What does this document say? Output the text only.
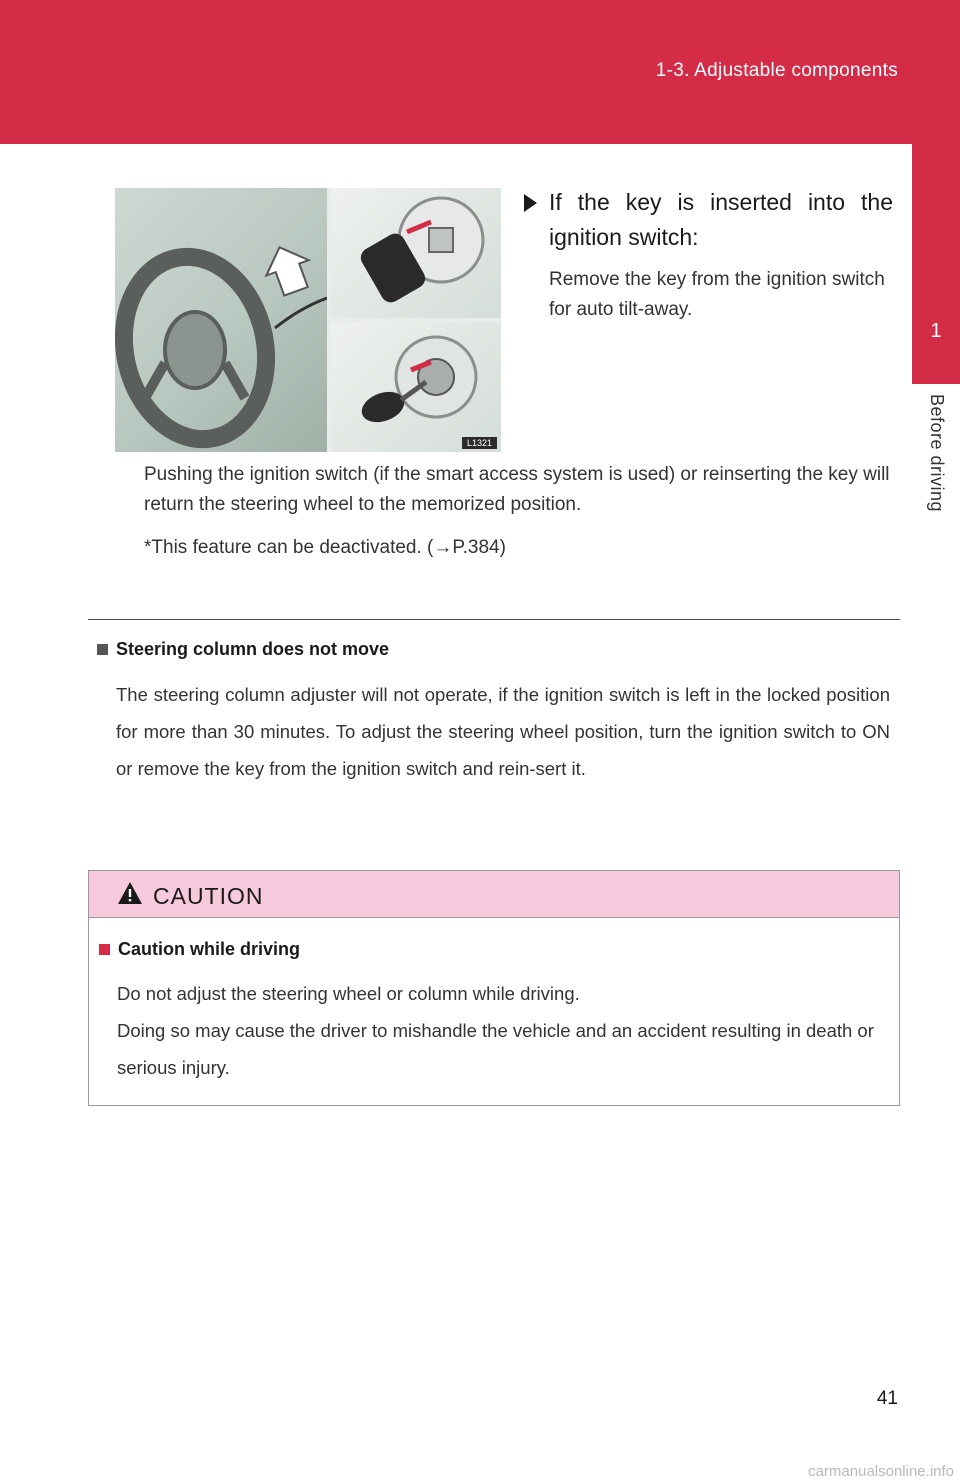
1-3. Adjustable components
1
Before driving
L1321
If the key is inserted into the ignition switch:
Remove the key from the ignition switch for auto tilt-away.
Pushing the ignition switch (if the smart access system is used) or reinserting the key will return the steering wheel to the memorized position.
*This feature can be deactivated. (→P.384)
Steering column does not move
The steering column adjuster will not operate, if the ignition switch is left in the locked position for more than 30 minutes. To adjust the steering wheel position, turn the ignition switch to ON or remove the key from the ignition switch and rein-sert it.
CAUTION
Caution while driving
Do not adjust the steering wheel or column while driving.
Doing so may cause the driver to mishandle the vehicle and an accident resulting in death or serious injury.
41
carmanualsonline.info
